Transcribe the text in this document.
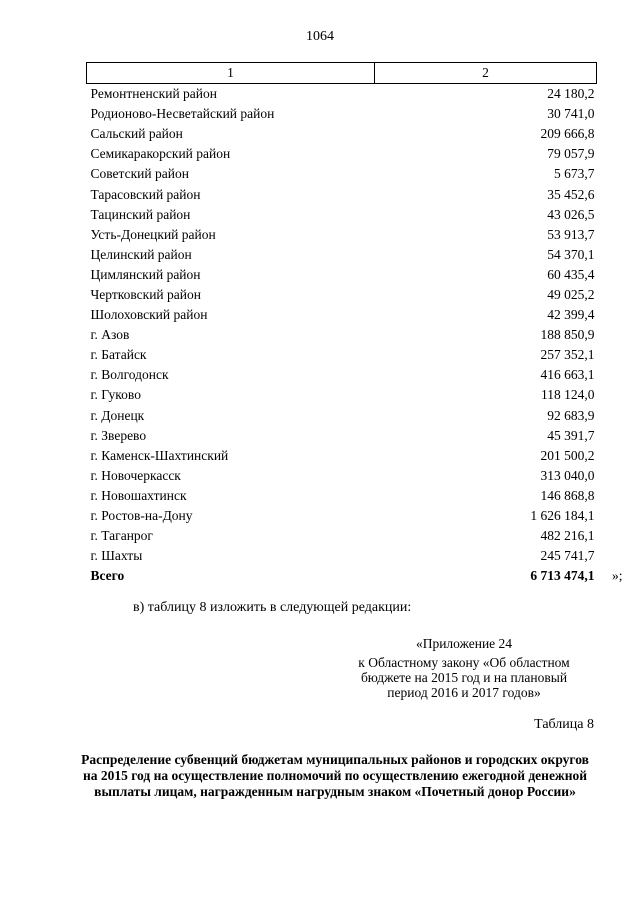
1064
1	2
Ремонтненский район	24 180,2
Родионово-Несветайский район	30 741,0
Сальский район	209 666,8
Семикаракорский район	79 057,9
Советский район	5 673,7
Тарасовский район	35 452,6
Тацинский район	43 026,5
Усть-Донецкий район	53 913,7
Целинский район	54 370,1
Цимлянский район	60 435,4
Чертковский район	49 025,2
Шолоховский район	42 399,4
г. Азов	188 850,9
г. Батайск	257 352,1
г. Волгодонск	416 663,1
г. Гуково	118 124,0
г. Донецк	92 683,9
г. Зверево	45 391,7
г. Каменск-Шахтинский	201 500,2
г. Новочеркасск	313 040,0
г. Новошахтинск	146 868,8
г. Ростов-на-Дону	1 626 184,1
г. Таганрог	482 216,1
г. Шахты	245 741,7
Всего	6 713 474,1 »;
в) таблицу 8 изложить в следующей редакции:
«Приложение 24
к Областному закону «Об областном бюджете на 2015 год и на плановый период 2016 и 2017 годов»
Таблица 8
Распределение субвенций бюджетам муниципальных районов и городских округов на 2015 год на осуществление полномочий по осуществлению ежегодной денежной выплаты лицам, награжденным нагрудным знаком «Почетный донор России»
